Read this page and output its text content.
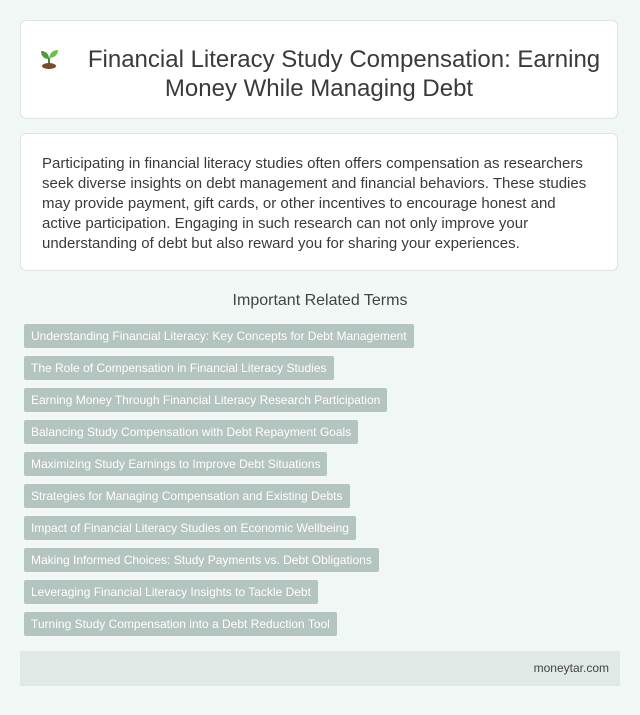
Financial Literacy Study Compensation: Earning Money While Managing Debt

Participating in financial literacy studies often offers compensation as researchers seek diverse insights on debt management and financial behaviors. These studies may provide payment, gift cards, or other incentives to encourage honest and active participation. Engaging in such research can not only improve your understanding of debt but also reward you for sharing your experiences.

Important Related Terms
Understanding Financial Literacy: Key Concepts for Debt Management
The Role of Compensation in Financial Literacy Studies
Earning Money Through Financial Literacy Research Participation
Balancing Study Compensation with Debt Repayment Goals
Maximizing Study Earnings to Improve Debt Situations
Strategies for Managing Compensation and Existing Debts
Impact of Financial Literacy Studies on Economic Wellbeing
Making Informed Choices: Study Payments vs. Debt Obligations
Leveraging Financial Literacy Insights to Tackle Debt
Turning Study Compensation into a Debt Reduction Tool
moneytar.com
